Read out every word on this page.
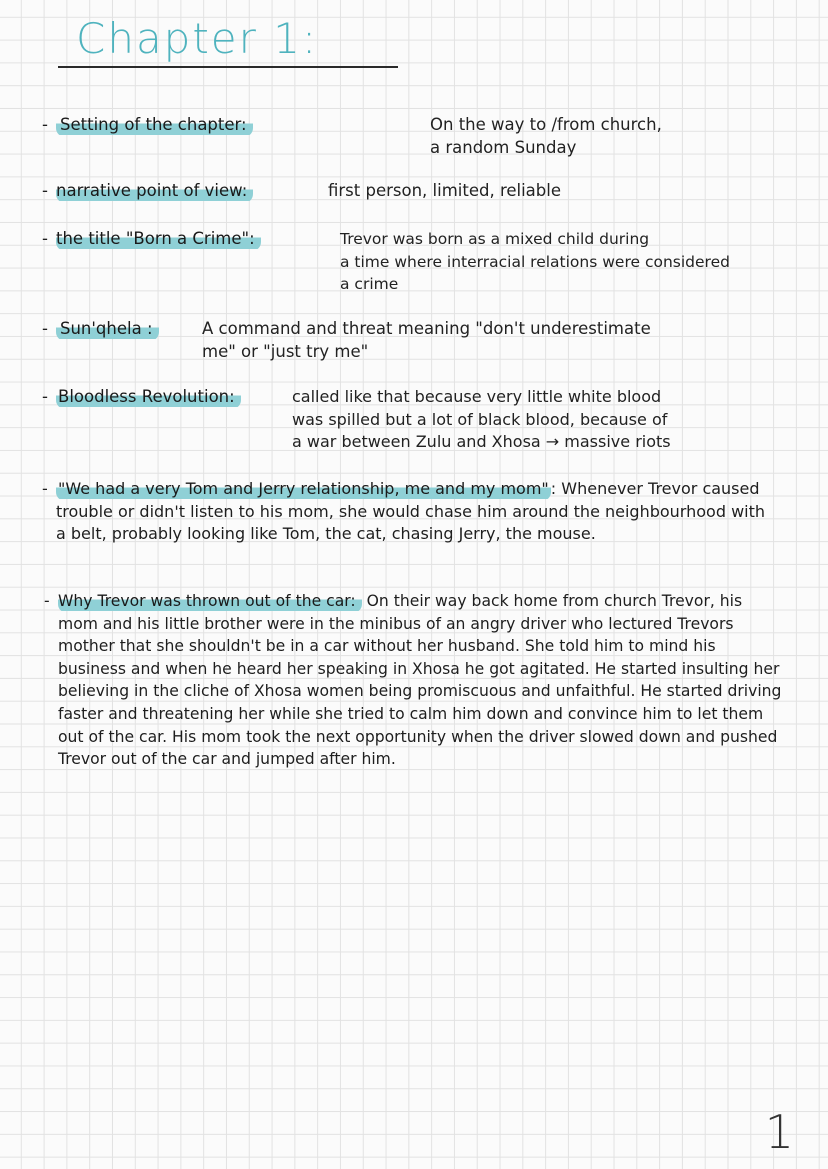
Chapter 1:
- Setting of the chapter:	On the way to /from church,
a random Sunday
- narrative point of view:	first person, limited, reliable
- the title "Born a Crime":	Trevor was born as a mixed child during
a time where interracial relations were considered
a crime
- Sun'qhela :	A command and threat meaning "don't underestimate
me" or "just try me"
- Bloodless Revolution:	called like that because very little white blood
was spilled but a lot of black blood, because of
a war between Zulu and Xhosa → massive riots
- "We had a very Tom and Jerry relationship, me and my mom" : Whenever Trevor caused trouble or didn't listen to his mom, she would chase him around the neighbourhood with a belt, probably looking like Tom, the cat, chasing Jerry, the mouse.
- Why Trevor was thrown out of the car: On their way back home from church Trevor, his mom and his little brother were in the minibus of an angry driver who lectured Trevors mother that she shouldn't be in a car without her husband. She told him to mind his business and when he heard her speaking in Xhosa he got agitated. He started insulting her believing in the cliche of Xhosa women being promiscuous and unfaithful. He started driving faster and threatening her while she tried to calm him down and convince him to let them out of the car. His mom took the next opportunity when the driver slowed down and pushed Trevor out of the car and jumped after him.
1
